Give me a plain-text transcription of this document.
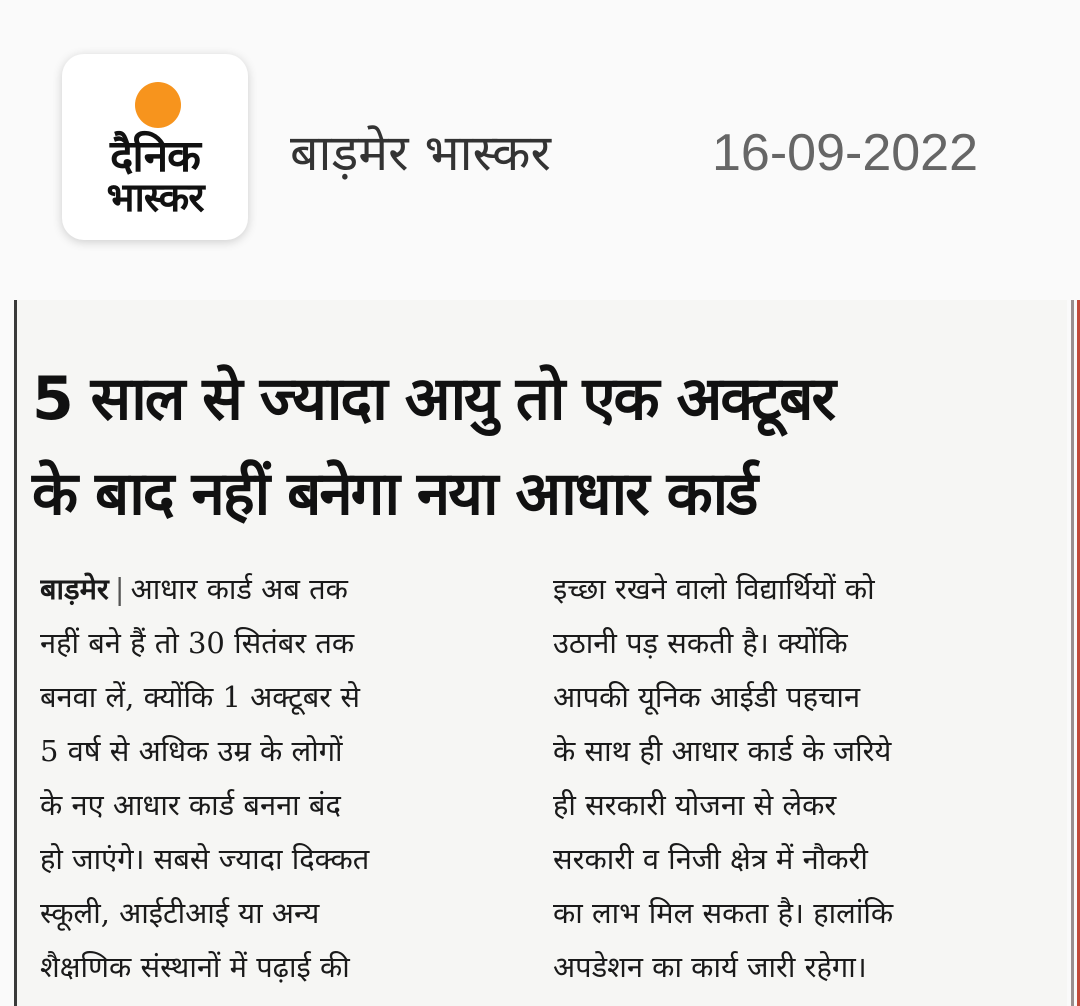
दैनिक
भास्कर
बाड़मेर भास्कर	16-09-2022
5 साल से ज्यादा आयु तो एक अक्टूबर
के बाद नहीं बनेगा नया आधार कार्ड
बाड़मेर | आधार कार्ड अब तक
नहीं बने हैं तो 30 सितंबर तक
बनवा लें, क्योंकि 1 अक्टूबर से
5 वर्ष से अधिक उम्र के लोगों
के नए आधार कार्ड बनना बंद
हो जाएंगे। सबसे ज्यादा दिक्कत
स्कूली, आईटीआई या अन्य
शैक्षणिक संस्थानों में पढ़ाई की
इच्छा रखने वालो विद्यार्थियों को
उठानी पड़ सकती है। क्योंकि
आपकी यूनिक आईडी पहचान
के साथ ही आधार कार्ड के जरिये
ही सरकारी योजना से लेकर
सरकारी व निजी क्षेत्र में नौकरी
का लाभ मिल सकता है। हालांकि
अपडेशन का कार्य जारी रहेगा।
